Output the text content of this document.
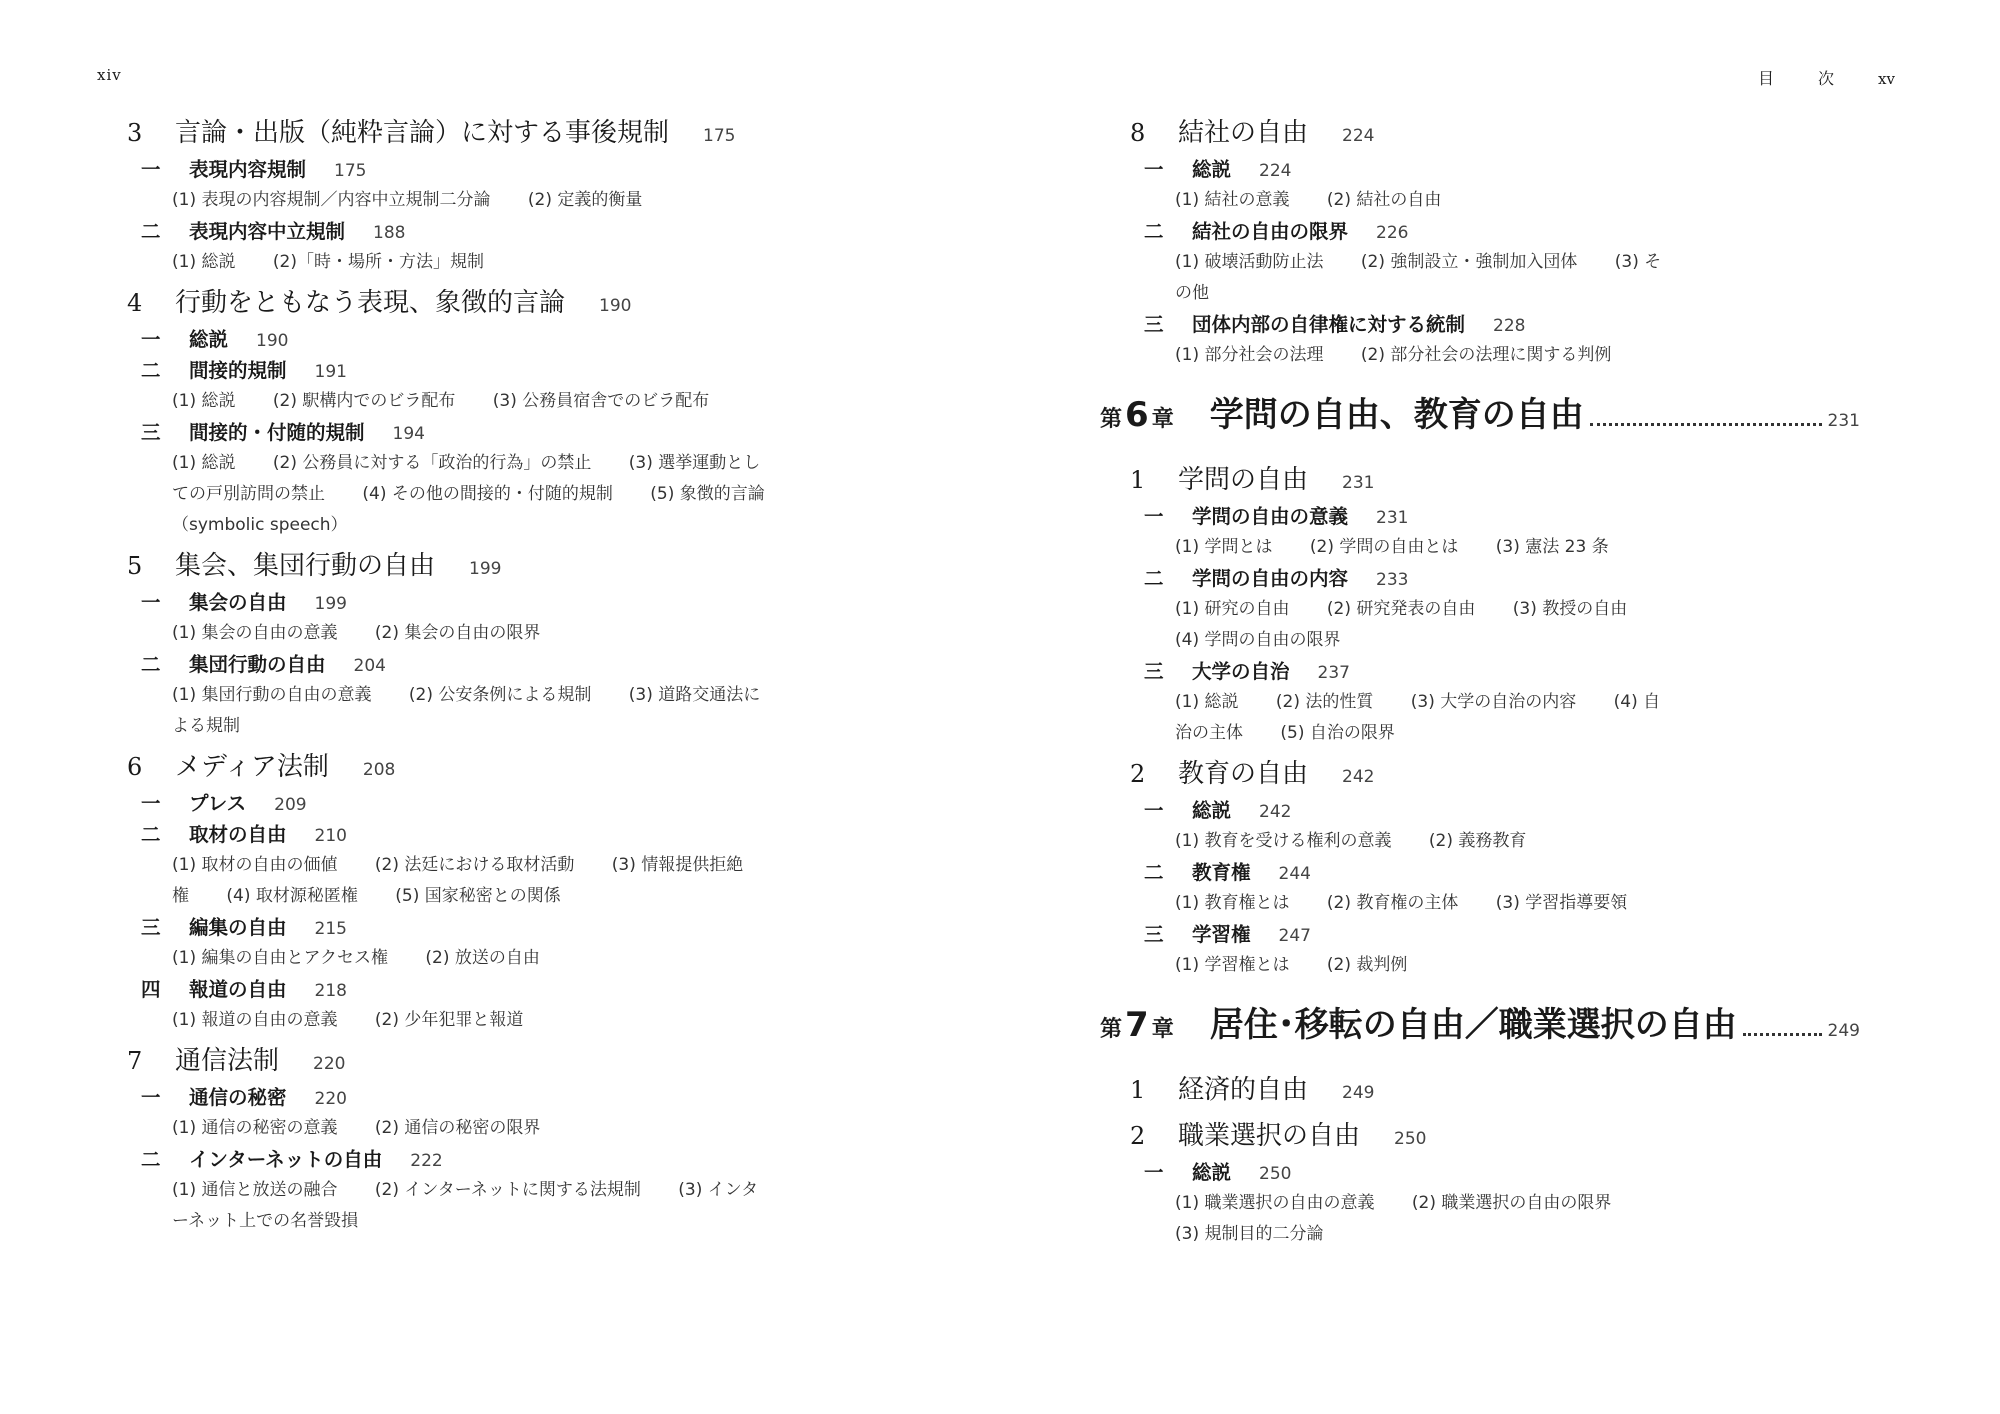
xiv
3	言論・出版（純粋言論）に対する事後規制 175
一	表現内容規制 175
(1) 表現の内容規制／内容中立規制二分論 (2) 定義的衡量
二	表現内容中立規制 188
(1) 総説 (2)「時・場所・方法」規制
4	行動をともなう表現、象徴的言論 190
一	総説 190
二	間接的規制 191
(1) 総説 (2) 駅構内でのビラ配布 (3) 公務員宿舎でのビラ配布
三	間接的・付随的規制 194
(1) 総説 (2) 公務員に対する「政治的行為」の禁止 (3) 選挙運動としての戸別訪問の禁止 (4) その他の間接的・付随的規制 (5) 象徴的言論（symbolic speech）
5	集会、集団行動の自由 199
一	集会の自由 199
(1) 集会の自由の意義 (2) 集会の自由の限界
二	集団行動の自由 204
(1) 集団行動の自由の意義 (2) 公安条例による規制 (3) 道路交通法による規制
6	メディア法制 208
一	プレス 209
二	取材の自由 210
(1) 取材の自由の価値 (2) 法廷における取材活動 (3) 情報提供拒絶権 (4) 取材源秘匿権 (5) 国家秘密との関係
三	編集の自由 215
(1) 編集の自由とアクセス権 (2) 放送の自由
四	報道の自由 218
(1) 報道の自由の意義 (2) 少年犯罪と報道
7	通信法制 220
一	通信の秘密 220
(1) 通信の秘密の意義 (2) 通信の秘密の限界
二	インターネットの自由 222
(1) 通信と放送の融合 (2) インターネットに関する法規制 (3) インターネット上での名誉毀損
目	次	xv
8	結社の自由 224
一	総説 224
(1) 結社の意義 (2) 結社の自由
二	結社の自由の限界 226
(1) 破壊活動防止法 (2) 強制設立・強制加入団体 (3) その他
三	団体内部の自律権に対する統制 228
(1) 部分社会の法理 (2) 部分社会の法理に関する判例
第 6 章 学問の自由、教育の自由	231
1	学問の自由 231
一	学問の自由の意義 231
(1) 学問とは (2) 学問の自由とは (3) 憲法 23 条
二	学問の自由の内容 233
(1) 研究の自由 (2) 研究発表の自由 (3) 教授の自由 (4) 学問の自由の限界
三	大学の自治 237
(1) 総説 (2) 法的性質 (3) 大学の自治の内容 (4) 自治の主体 (5) 自治の限界
2	教育の自由 242
一	総説 242
(1) 教育を受ける権利の意義 (2) 義務教育
二	教育権 244
(1) 教育権とは (2) 教育権の主体 (3) 学習指導要領
三	学習権 247
(1) 学習権とは (2) 裁判例
第 7 章 居住･移転の自由／職業選択の自由	249
1	経済的自由 249
2	職業選択の自由 250
一	総説 250
(1) 職業選択の自由の意義 (2) 職業選択の自由の限界 (3) 規制目的二分論
